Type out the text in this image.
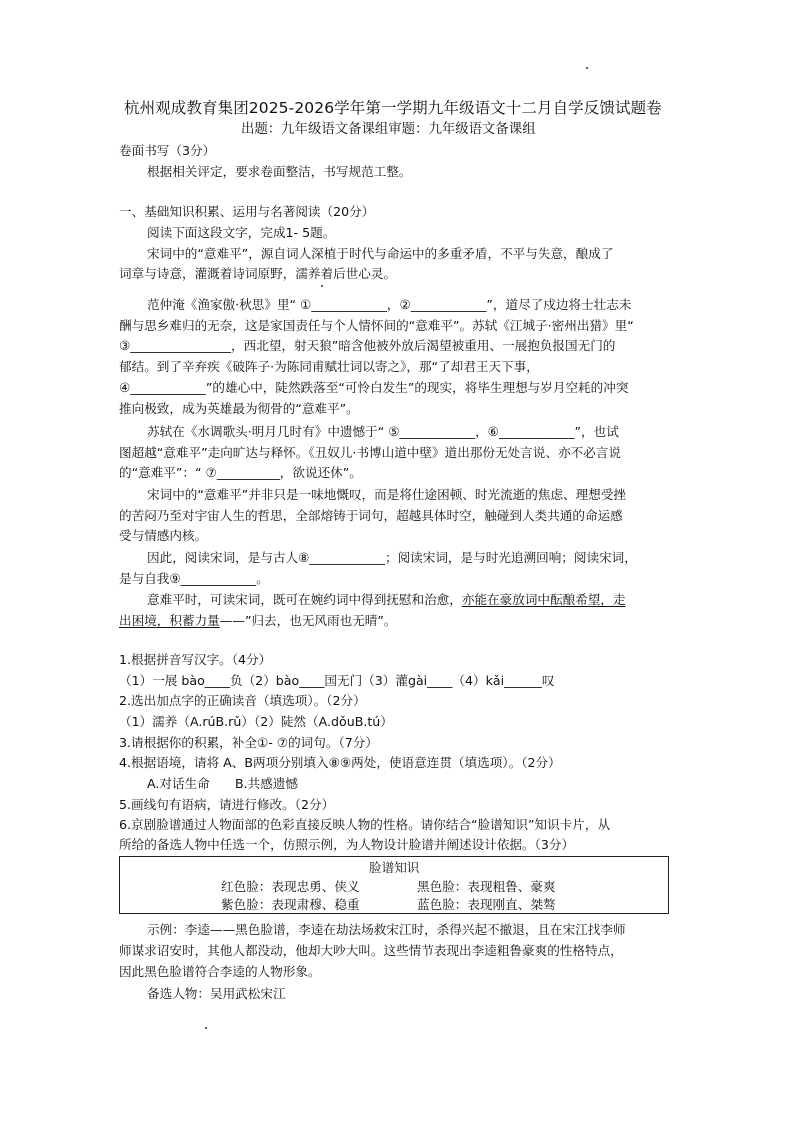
杭州观成教育集团2025-2026学年第一学期九年级语文十二月自学反馈试题卷
出题：九年级语文备课组审题：九年级语文备课组
卷面书写（3分）
根据相关评定，要求卷面整洁，书写规范工整。
一、基础知识积累、运用与名著阅读（20分）
阅读下面这段文字，完成1- 5题。
宋词中的“意难平”，源自词人深植于时代与命运中的多重矛盾，不平与失意，酿成了
词章与诗意，灌溉着诗词原野，濡养着后世心灵。
范仲淹《渔家傲·秋思》里“ ①____________，②____________”，道尽了戍边将士壮志未
酬与思乡难归的无奈，这是家国责任与个人情怀间的“意难平”。苏轼《江城子·密州出猎》里“
③________________，西北望，射天狼”暗含他被外放后渴望被重用、一展抱负报国无门的
郁结。到了辛弃疾《破阵子·为陈同甫赋壮词以寄之》，那“了却君王天下事，
④____________”的雄心中，陡然跌落至“可怜白发生”的现实，将毕生理想与岁月空耗的冲突
推向极致，成为英雄最为彻骨的“意难平”。
苏轼在《水调歌头·明月几时有》中遗憾于“ ⑤____________，⑥____________”，也试
图超越“意难平”走向旷达与释怀。《丑奴儿·书博山道中壁》道出那份无处言说、亦不必言说
的“意难平”：“ ⑦__________，欲说还休”。
宋词中的“意难平”并非只是一味地慨叹，而是将仕途困顿、时光流逝的焦虑、理想受挫
的苦闷乃至对宇宙人生的哲思，全部熔铸于词句，超越具体时空，触碰到人类共通的命运感
受与情感内核。
因此，阅读宋词，是与古人⑧____________；阅读宋词，是与时光追溯回响；阅读宋词，
是与自我⑨____________。
意难平时，可读宋词，既可在婉约词中得到抚慰和治愈，亦能在豪放词中酝酿希望，走
出困境，积蓄力量——”归去，也无风雨也无晴”。
1.根据拼音写汉字。（4分）
（1）一展 bào____负（2）bào____国无门（3）灌gài____（4）kǎi______叹
2.选出加点字的正确读音（填选项）。（2分）
（1）濡养（A.rúB.rǔ）（2）陡然（A.dǒuB.tú）
3.请根据你的积累，补全①- ⑦的词句。（7分）
4.根据语境，请将 A、B两项分别填入⑧⑨两处，使语意连贯（填选项）。（2分）
A.对话生命　　B.共感遗憾
5.画线句有语病，请进行修改。（2分）
6.京剧脸谱通过人物面部的色彩直接反映人物的性格。请你结合“脸谱知识”知识卡片，从
所给的备选人物中任选一个，仿照示例，为人物设计脸谱并阐述设计依据。（3分）
脸谱知识
红色脸：表现忠勇、侠义	黑色脸：表现粗鲁、豪爽
紫色脸：表现肃穆、稳重	蓝色脸：表现刚直、桀骜
示例：李逵——黑色脸谱，李逵在劫法场救宋江时，杀得兴起不撤退，且在宋江找李师
师谋求诏安时，其他人都没动，他却大吵大叫。这些情节表现出李逵粗鲁豪爽的性格特点，
因此黑色脸谱符合李逵的人物形象。
备选人物：吴用武松宋江
